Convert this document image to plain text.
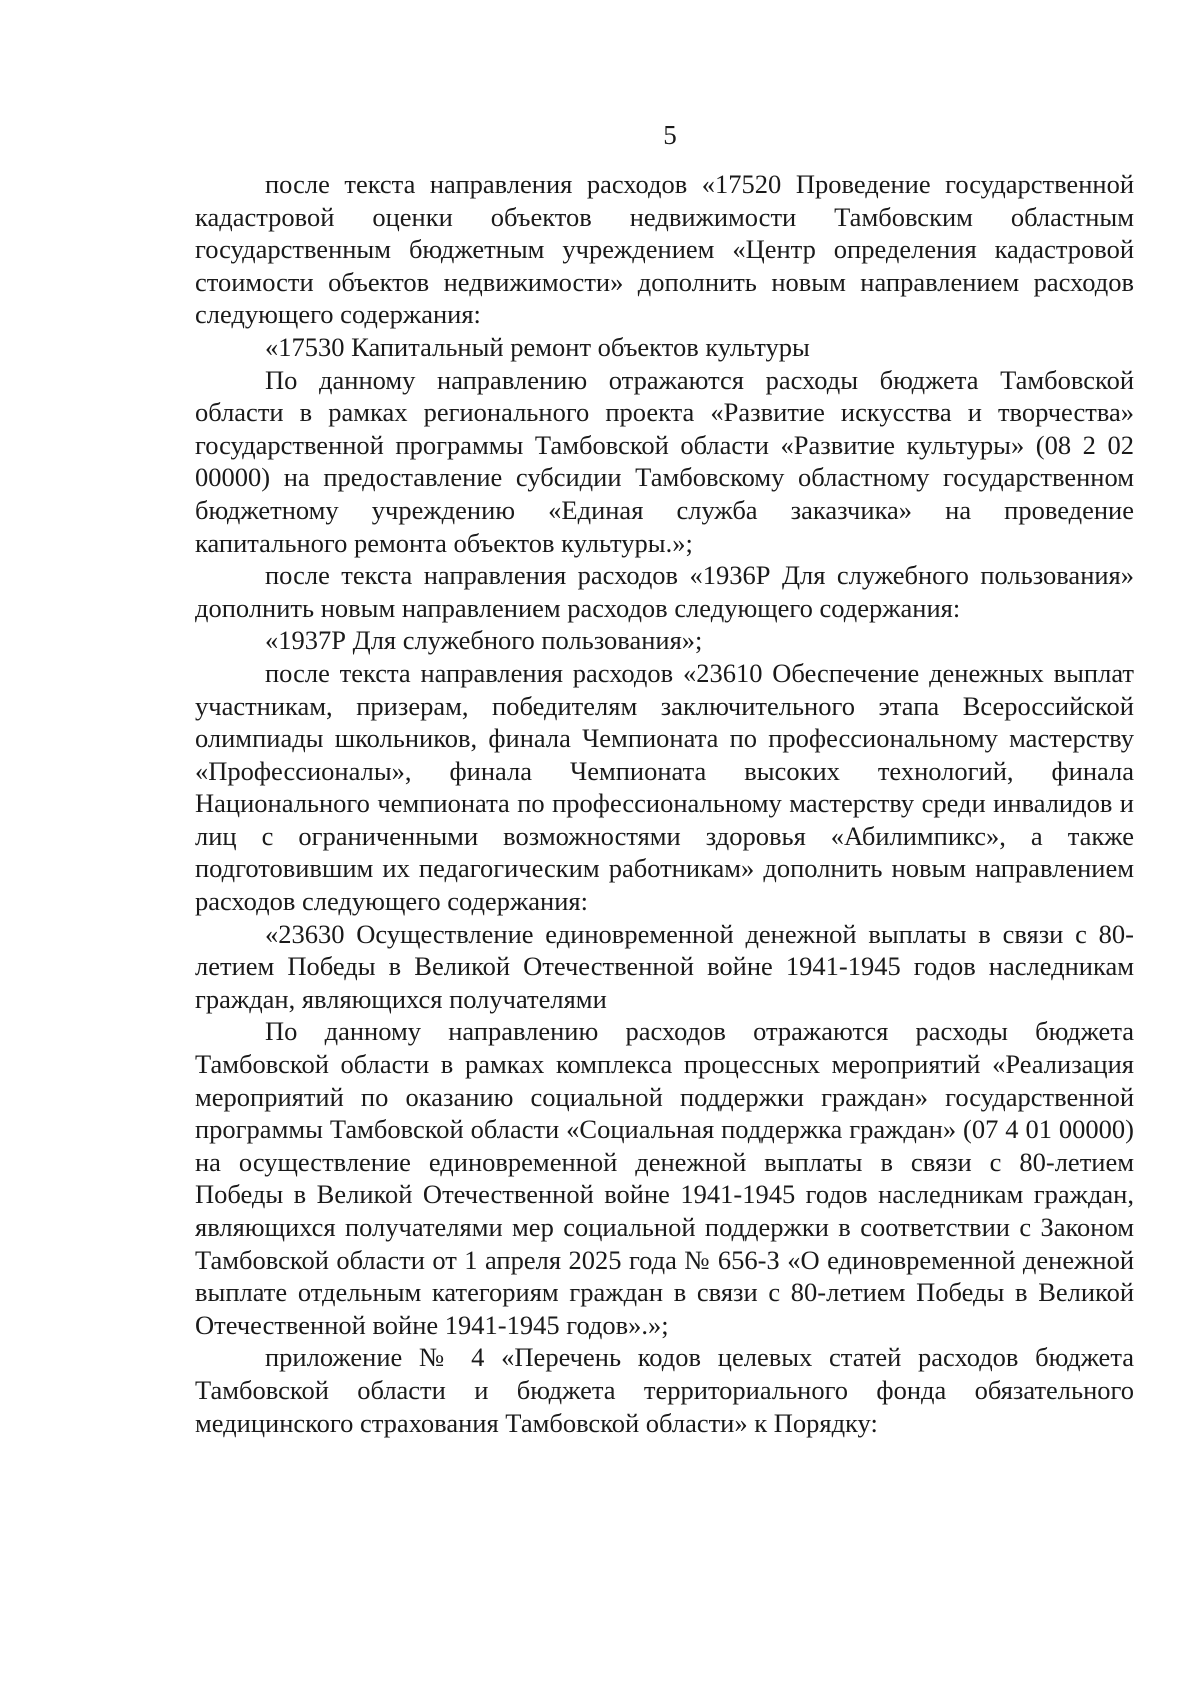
5

после текста направления расходов «17520 Проведение государственной кадастровой оценки объектов недвижимости Тамбовским областным государственным бюджетным учреждением «Центр определения кадастровой стоимости объектов недвижимости» дополнить новым направлением расходов следующего содержания:

«17530 Капитальный ремонт объектов культуры

По данному направлению отражаются расходы бюджета Тамбовской области в рамках регионального проекта «Развитие искусства и творчества» государственной программы Тамбовской области «Развитие культуры» (08 2 02 00000) на предоставление субсидии Тамбовскому областному государственном бюджетному учреждению «Единая служба заказчика» на проведение капитального ремонта объектов культуры.»;

после текста направления расходов «1936Р Для служебного пользования» дополнить новым направлением расходов следующего содержания:

«1937Р Для служебного пользования»;

после текста направления расходов «23610 Обеспечение денежных выплат участникам, призерам, победителям заключительного этапа Всероссийской олимпиады школьников, финала Чемпионата по профессиональному мастерству «Профессионалы», финала Чемпионата высоких технологий, финала Национального чемпионата по профессиональному мастерству среди инвалидов и лиц с ограниченными возможностями здоровья «Абилимпикс», а также подготовившим их педагогическим работникам» дополнить новым направлением расходов следующего содержания:

«23630 Осуществление единовременной денежной выплаты в связи с 80-летием Победы в Великой Отечественной войне 1941-1945 годов наследникам граждан, являющихся получателями

По данному направлению расходов отражаются расходы бюджета Тамбовской области в рамках комплекса процессных мероприятий «Реализация мероприятий по оказанию социальной поддержки граждан» государственной программы Тамбовской области «Социальная поддержка граждан» (07 4 01 00000) на осуществление единовременной денежной выплаты в связи с 80-летием Победы в Великой Отечественной войне 1941-1945 годов наследникам граждан, являющихся получателями мер социальной поддержки в соответствии с Законом Тамбовской области от 1 апреля 2025 года № 656-З «О единовременной денежной выплате отдельным категориям граждан в связи с 80-летием Победы в Великой Отечественной войне 1941-1945 годов».»;

приложение № 4 «Перечень кодов целевых статей расходов бюджета Тамбовской области и бюджета территориального фонда обязательного медицинского страхования Тамбовской области» к Порядку:
